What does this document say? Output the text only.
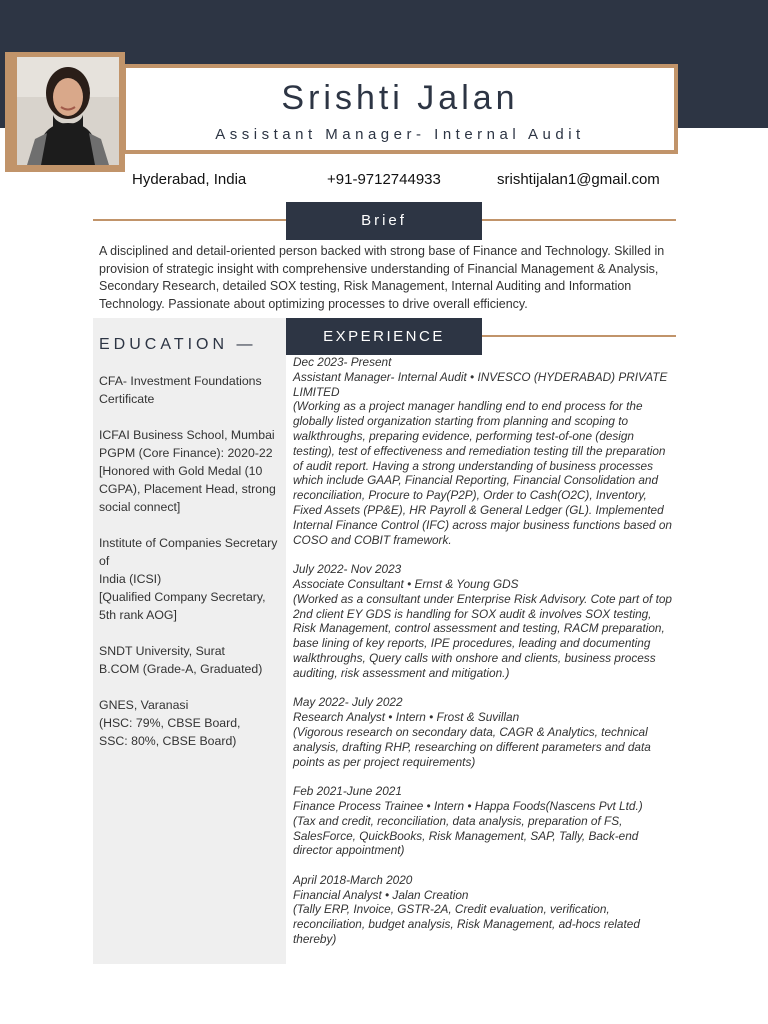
Srishti Jalan
Assistant Manager- Internal Audit
Hyderabad, India	+91-9712744933	srishtijalan1@gmail.com
Brief
A disciplined and detail-oriented person backed with strong base of Finance and Technology. Skilled in provision of strategic insight with comprehensive understanding of Financial Management & Analysis, Secondary Research, detailed SOX testing, Risk Management, Internal Auditing and Information Technology. Passionate about optimizing processes to drive overall efficiency.
EDUCATION —
CFA- Investment Foundations Certificate
ICFAI Business School, Mumbai PGPM (Core Finance): 2020-22 [Honored with Gold Medal (10 CGPA), Placement Head, strong social connect]
Institute of Companies Secretary of
India (ICSI)
[Qualified Company Secretary, 5th rank AOG]
SNDT University, Surat
B.COM (Grade-A, Graduated)
GNES, Varanasi
(HSC: 79%, CBSE Board,
SSC: 80%, CBSE Board)
EXPERIENCE
Dec 2023- Present
Assistant Manager- Internal Audit • INVESCO (HYDERABAD) PRIVATE LIMITED
(Working as a project manager handling end to end process for the globally listed organization starting from planning and scoping to walkthroughs, preparing evidence, performing test-of-one (design testing), test of effectiveness and remediation testing till the preparation of audit report. Having a strong understanding of business processes which include GAAP, Financial Reporting, Financial Consolidation and reconciliation, Procure to Pay(P2P), Order to Cash(O2C), Inventory, Fixed Assets (PP&E), HR Payroll & General Ledger (GL). Implemented Internal Finance Control (IFC) across major business functions based on COSO and COBIT framework.
July 2022- Nov 2023
Associate Consultant • Ernst & Young GDS
(Worked as a consultant under Enterprise Risk Advisory. Cote part of top 2nd client EY GDS is handling for SOX audit & involves SOX testing, Risk Management, control assessment and testing, RACM preparation, base lining of key reports, IPE procedures, leading and documenting walkthroughs, Query calls with onshore and clients, business process auditing, risk assessment and mitigation.)
May 2022- July 2022
Research Analyst • Intern • Frost & Suvillan
(Vigorous research on secondary data, CAGR & Analytics, technical analysis, drafting RHP, researching on different parameters and data points as per project requirements)
Feb 2021-June 2021
Finance Process Trainee • Intern • Happa Foods(Nascens Pvt Ltd.)
(Tax and credit, reconciliation, data analysis, preparation of FS, SalesForce, QuickBooks, Risk Management, SAP, Tally, Back-end director appointment)
April 2018-March 2020
Financial Analyst • Jalan Creation
(Tally ERP, Invoice, GSTR-2A, Credit evaluation, verification, reconciliation, budget analysis, Risk Management, ad-hocs related thereby)
